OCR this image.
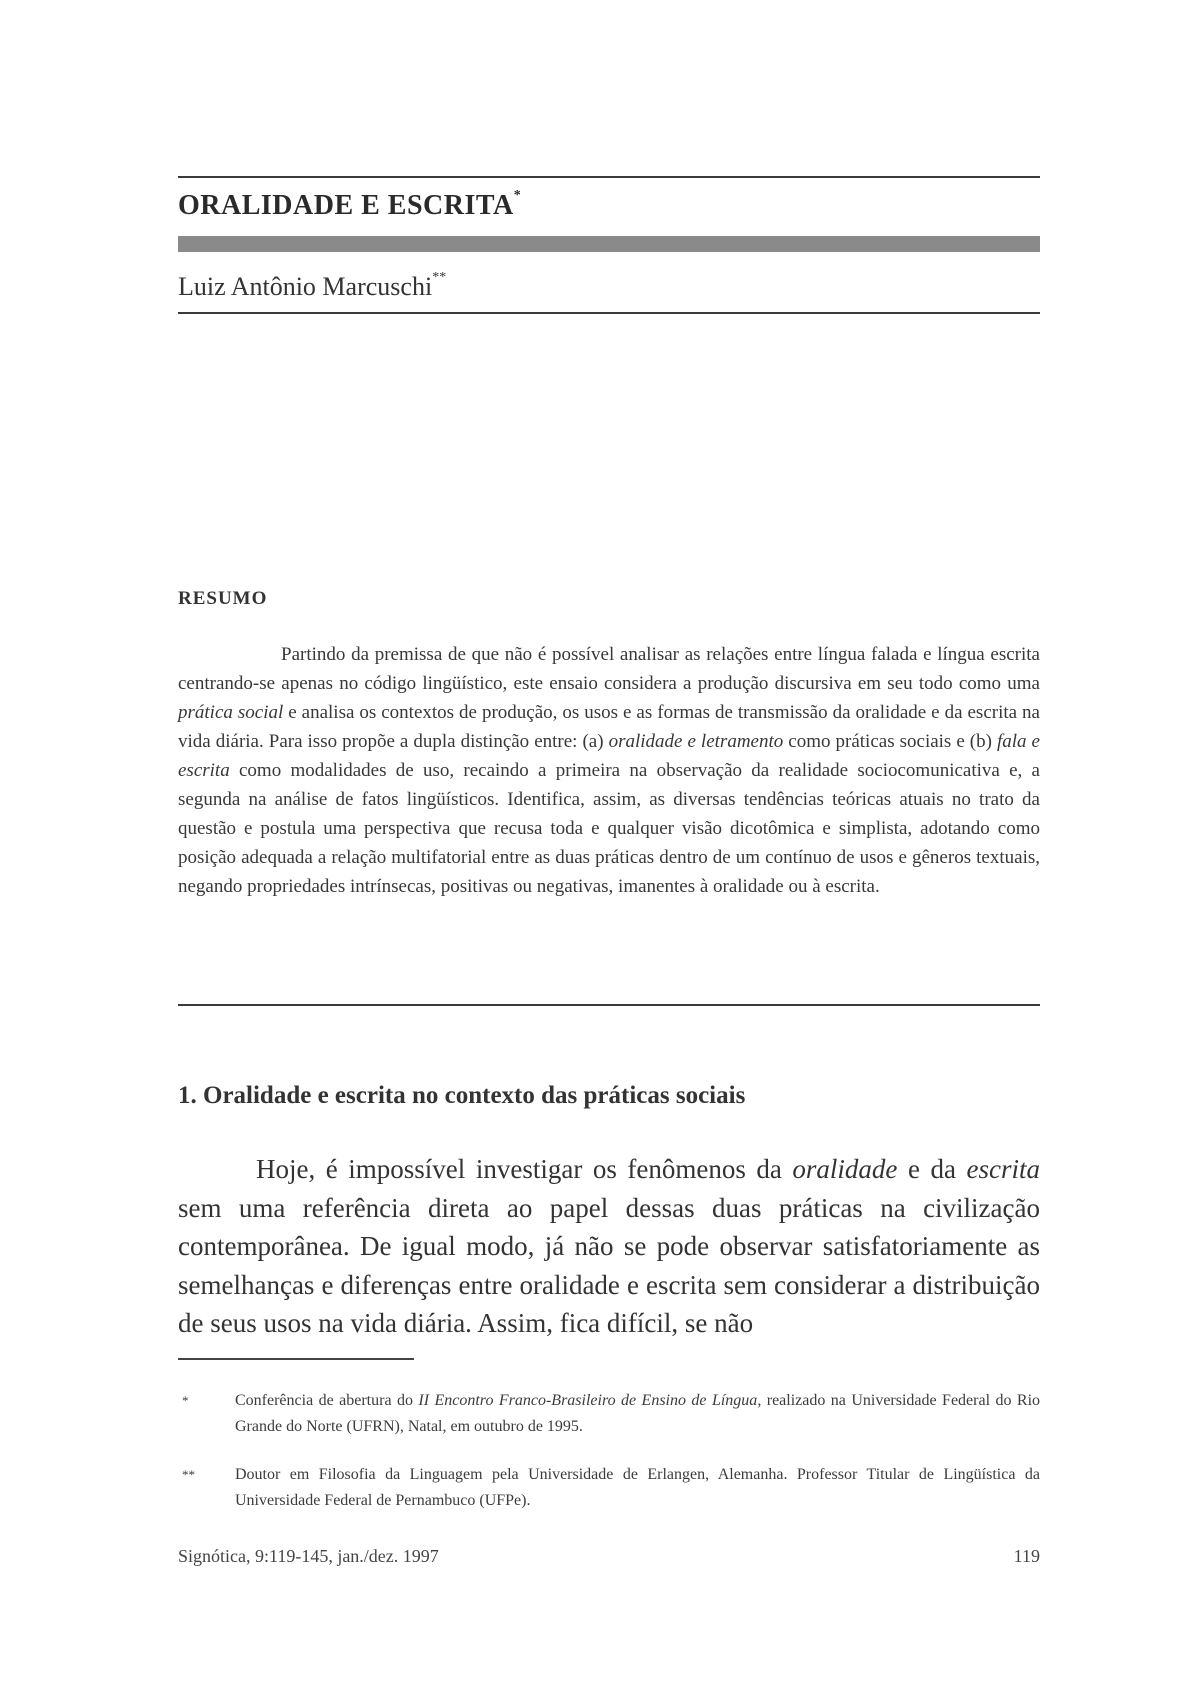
ORALIDADE E ESCRITA*
Luiz Antônio Marcuschi**
RESUMO

Partindo da premissa de que não é possível analisar as relações entre língua falada e língua escrita centrando-se apenas no código lingüístico, este ensaio considera a produção discursiva em seu todo como uma prática social e analisa os contextos de produção, os usos e as formas de transmissão da oralidade e da escrita na vida diária. Para isso propõe a dupla distinção entre: (a) oralidade e letramento como práticas sociais e (b) fala e escrita como modalidades de uso, recaindo a primeira na observação da realidade sociocomunicativa e, a segunda na análise de fatos lingüísticos. Identifica, assim, as diversas tendências teóricas atuais no trato da questão e postula uma perspectiva que recusa toda e qualquer visão dicotômica e simplista, adotando como posição adequada a relação multifatorial entre as duas práticas dentro de um contínuo de usos e gêneros textuais, negando propriedades intrínsecas, positivas ou negativas, imanentes à oralidade ou à escrita.

1. Oralidade e escrita no contexto das práticas sociais

Hoje, é impossível investigar os fenômenos da oralidade e da escrita sem uma referência direta ao papel dessas duas práticas na civilização contemporânea. De igual modo, já não se pode observar satisfatoriamente as semelhanças e diferenças entre oralidade e escrita sem considerar a distribuição de seus usos na vida diária. Assim, fica difícil, se não

*	Conferência de abertura do II Encontro Franco-Brasileiro de Ensino de Língua, realizado na Universidade Federal do Rio Grande do Norte (UFRN), Natal, em outubro de 1995.
**	Doutor em Filosofia da Linguagem pela Universidade de Erlangen, Alemanha. Professor Titular de Lingüística da Universidade Federal de Pernambuco (UFPe).
Signótica, 9:119-145, jan./dez. 1997	119
